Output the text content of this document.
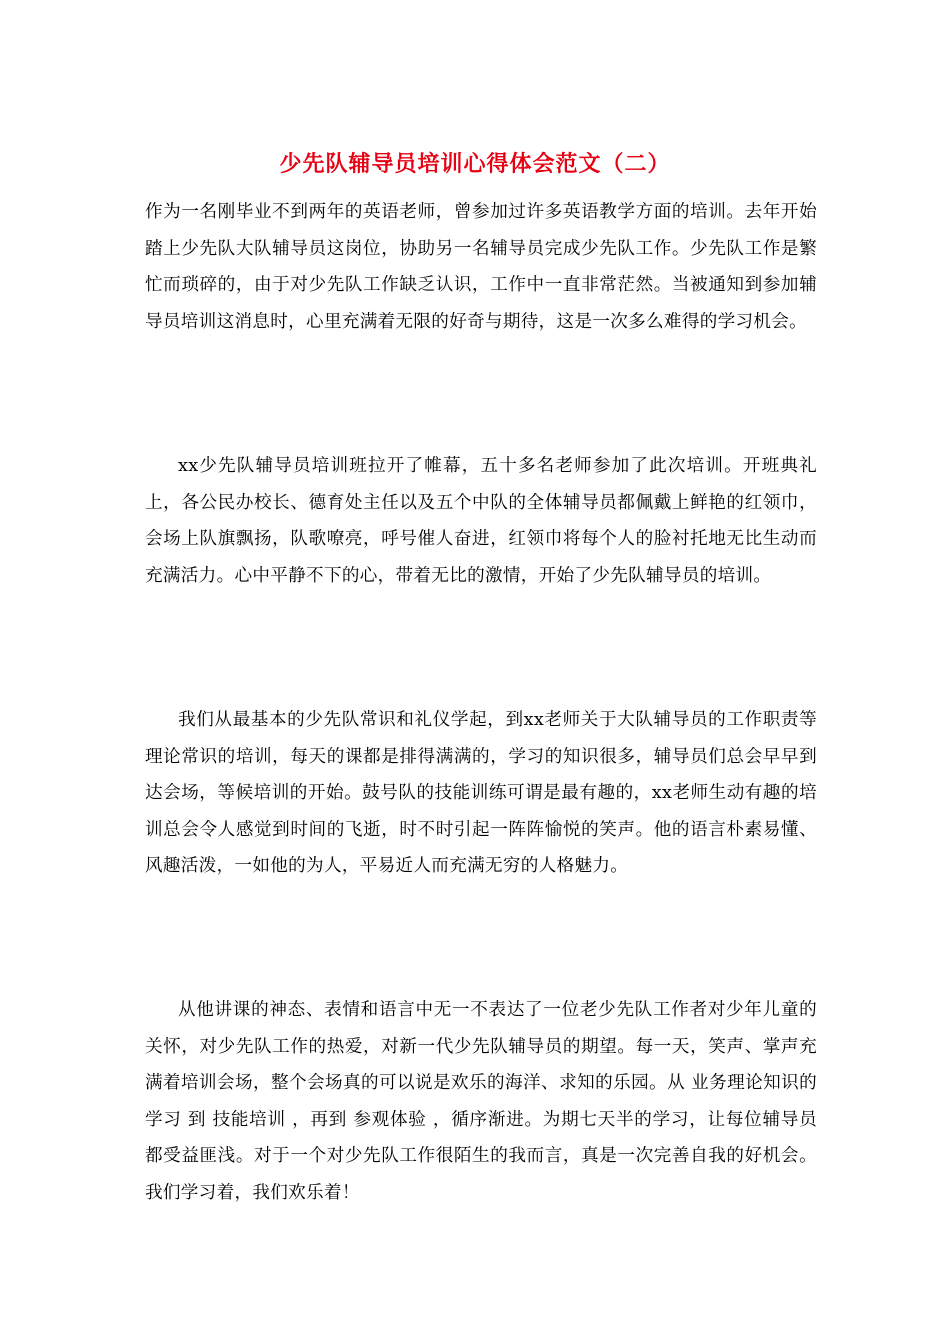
少先队辅导员培训心得体会范文（二）

作为一名刚毕业不到两年的英语老师，曾参加过许多英语教学方面的培训。去年开始踏上少先队大队辅导员这岗位，协助另一名辅导员完成少先队工作。少先队工作是繁忙而琐碎的，由于对少先队工作缺乏认识，工作中一直非常茫然。当被通知到参加辅导员培训这消息时，心里充满着无限的好奇与期待，这是一次多么难得的学习机会。

xx少先队辅导员培训班拉开了帷幕，五十多名老师参加了此次培训。开班典礼上，各公民办校长、德育处主任以及五个中队的全体辅导员都佩戴上鲜艳的红领巾，会场上队旗飘扬，队歌嘹亮，呼号催人奋进，红领巾将每个人的脸衬托地无比生动而充满活力。心中平静不下的心，带着无比的激情，开始了少先队辅导员的培训。

我们从最基本的少先队常识和礼仪学起，到xx老师关于大队辅导员的工作职责等理论常识的培训，每天的课都是排得满满的，学习的知识很多，辅导员们总会早早到达会场，等候培训的开始。鼓号队的技能训练可谓是最有趣的，xx老师生动有趣的培训总会令人感觉到时间的飞逝，时不时引起一阵阵愉悦的笑声。他的语言朴素易懂、风趣活泼，一如他的为人，平易近人而充满无穷的人格魅力。

从他讲课的神态、表情和语言中无一不表达了一位老少先队工作者对少年儿童的关怀，对少先队工作的热爱，对新一代少先队辅导员的期望。每一天，笑声、掌声充满着培训会场，整个会场真的可以说是欢乐的海洋、求知的乐园。从 业务理论知识的学习 到 技能培训 ，再到 参观体验 ，循序渐进。为期七天半的学习，让每位辅导员都受益匪浅。对于一个对少先队工作很陌生的我而言，真是一次完善自我的好机会。我们学习着，我们欢乐着！
